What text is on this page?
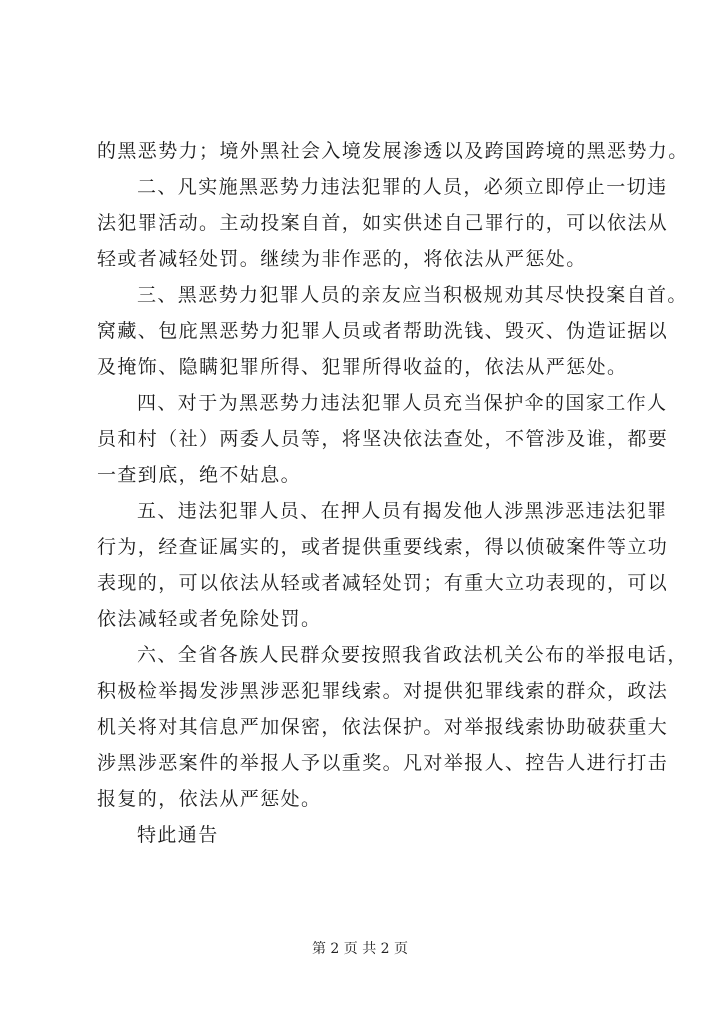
的黑恶势力；境外黑社会入境发展渗透以及跨国跨境的黑恶势力。
二、凡实施黑恶势力违法犯罪的人员，必须立即停止一切违
法犯罪活动。主动投案自首，如实供述自己罪行的，可以依法从
轻或者减轻处罚。继续为非作恶的，将依法从严惩处。
三、黑恶势力犯罪人员的亲友应当积极规劝其尽快投案自首。
窝藏、包庇黑恶势力犯罪人员或者帮助洗钱、毁灭、伪造证据以
及掩饰、隐瞒犯罪所得、犯罪所得收益的，依法从严惩处。
四、对于为黑恶势力违法犯罪人员充当保护伞的国家工作人
员和村（社）两委人员等，将坚决依法查处，不管涉及谁，都要
一查到底，绝不姑息。
五、违法犯罪人员、在押人员有揭发他人涉黑涉恶违法犯罪
行为，经查证属实的，或者提供重要线索，得以侦破案件等立功
表现的，可以依法从轻或者减轻处罚；有重大立功表现的，可以
依法减轻或者免除处罚。
六、全省各族人民群众要按照我省政法机关公布的举报电话，
积极检举揭发涉黑涉恶犯罪线索。对提供犯罪线索的群众，政法
机关将对其信息严加保密，依法保护。对举报线索协助破获重大
涉黑涉恶案件的举报人予以重奖。凡对举报人、控告人进行打击
报复的，依法从严惩处。
特此通告
第 2 页 共 2 页
